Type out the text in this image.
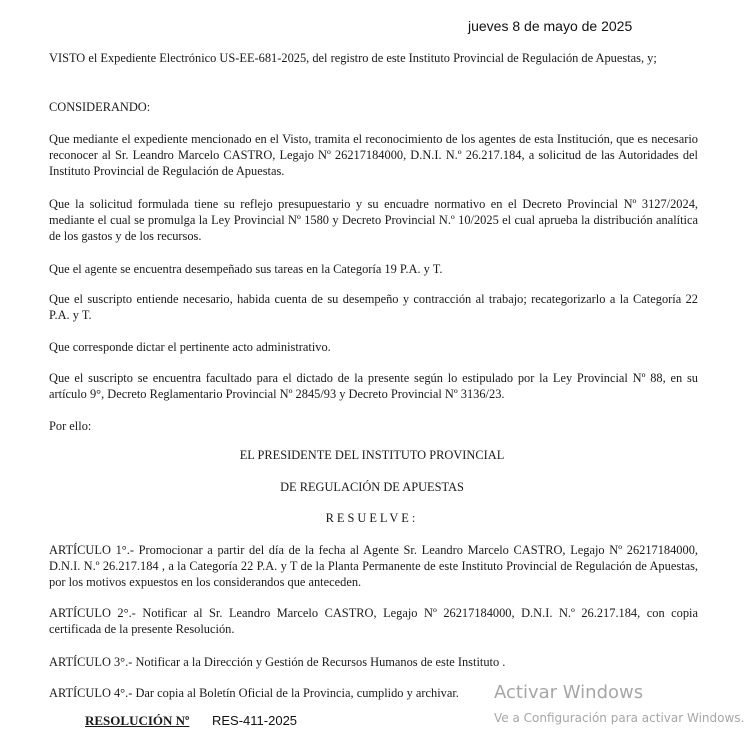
jueves 8 de mayo de 2025
VISTO el Expediente Electrónico US-EE-681-2025, del registro de este Instituto Provincial de Regulación de Apuestas, y;
CONSIDERANDO:
Que mediante el expediente mencionado en el Visto, tramita el reconocimiento de los agentes de esta Institución, que es necesario reconocer al Sr. Leandro Marcelo CASTRO, Legajo Nº 26217184000, D.N.I. N.º 26.217.184, a solicitud de las Autoridades del Instituto Provincial de Regulación de Apuestas.
Que la solicitud formulada tiene su reflejo presupuestario y su encuadre normativo en el Decreto Provincial Nº 3127/2024, mediante el cual se promulga la Ley Provincial Nº 1580 y Decreto Provincial N.º 10/2025 el cual aprueba la distribución analítica de los gastos y de los recursos.
Que el agente se encuentra desempeñado sus tareas en la Categoría 19 P.A. y T.
Que el suscripto entiende necesario, habida cuenta de su desempeño y contracción al trabajo; recategorizarlo a la Categoría 22 P.A. y T.
Que corresponde dictar el pertinente acto administrativo.
Que el suscripto se encuentra facultado para el dictado de la presente según lo estipulado por la Ley Provincial Nº 88, en su artículo 9°, Decreto Reglamentario Provincial Nº 2845/93 y Decreto Provincial Nº 3136/23.
Por ello:
EL PRESIDENTE DEL INSTITUTO PROVINCIAL
DE REGULACIÓN DE APUESTAS
RESUELVE:
ARTÍCULO 1°.- Promocionar a partir del día de la fecha al Agente Sr. Leandro Marcelo CASTRO, Legajo Nº 26217184000, D.N.I. N.º 26.217.184 , a la Categoría 22 P.A. y T de la Planta Permanente de este Instituto Provincial de Regulación de Apuestas, por los motivos expuestos en los considerandos que anteceden.
ARTÍCULO 2°.- Notificar al Sr. Leandro Marcelo CASTRO, Legajo Nº 26217184000, D.N.I. N.º 26.217.184, con copia certificada de la presente Resolución.
ARTÍCULO 3°.- Notificar a la Dirección y Gestión de Recursos Humanos de este Instituto .
ARTÍCULO 4°.- Dar copia al Boletín Oficial de la Provincia, cumplido y archivar.
RESOLUCIÓN Nº	RES-411-2025
Activar Windows
Ve a Configuración para activar Windows.
